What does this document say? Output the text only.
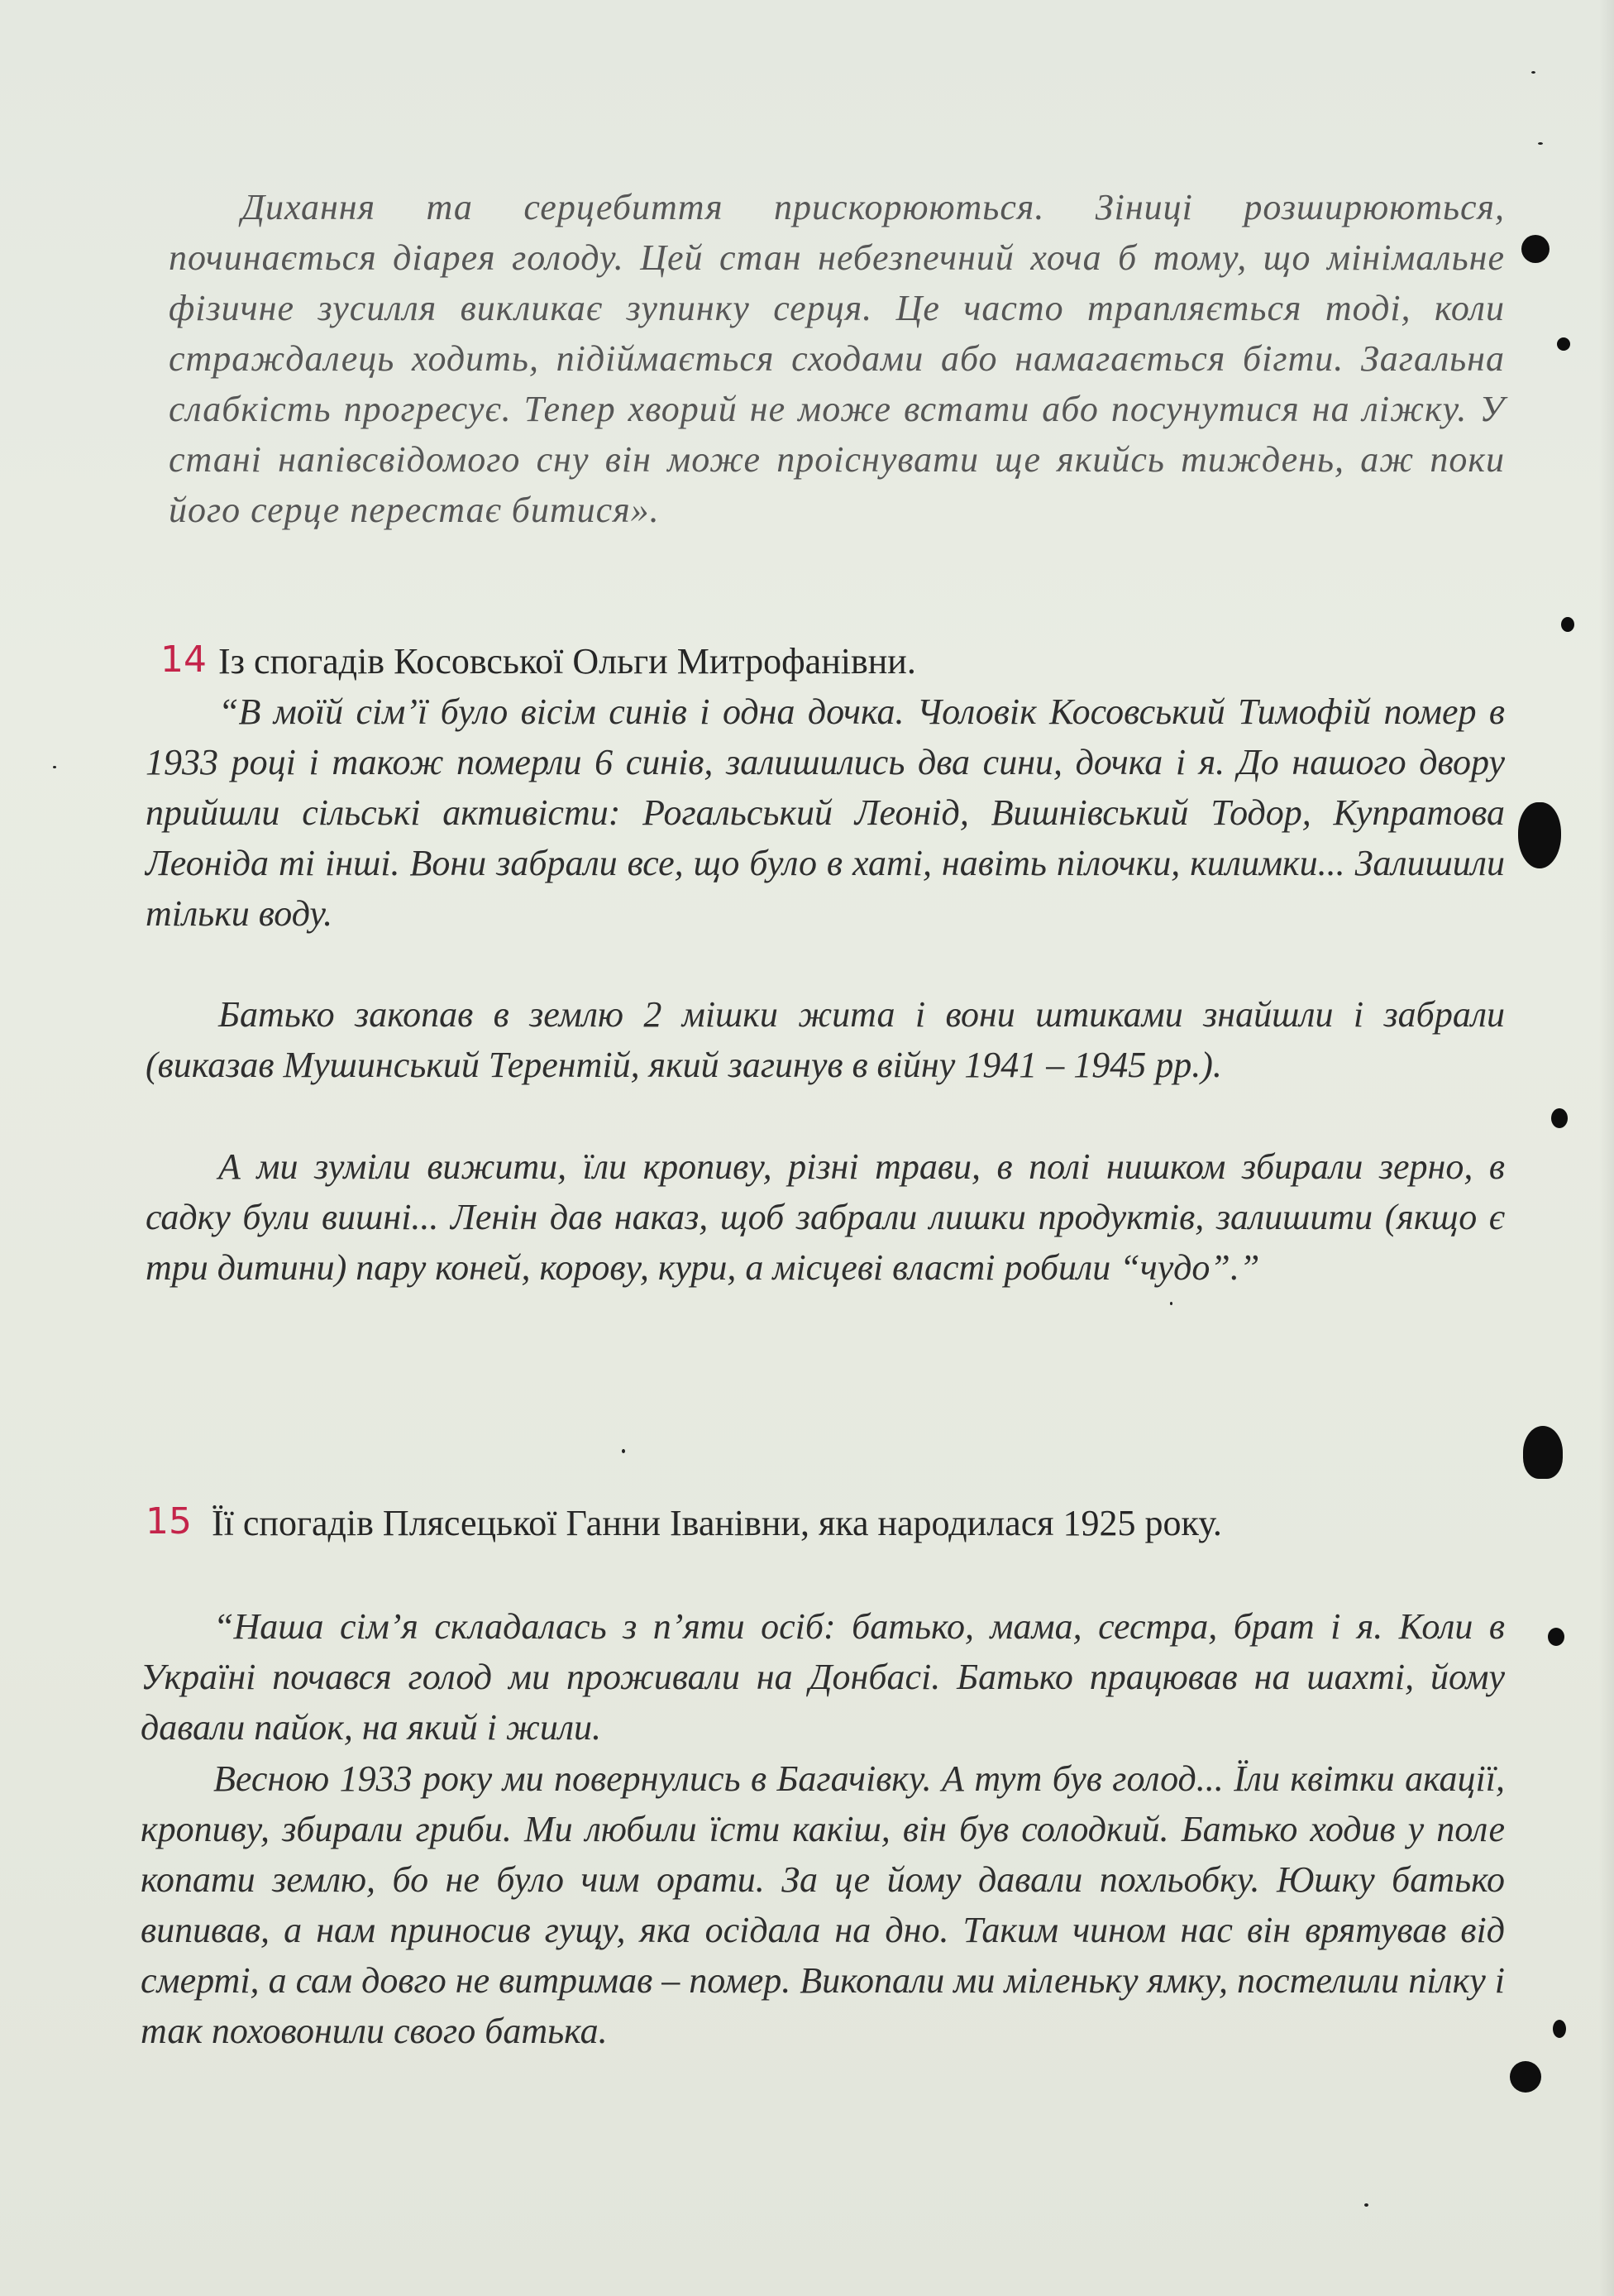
Дихання та серцебиття прискорюються. Зіниці розширюються, починається діарея голоду. Цей стан небезпечний хоча б тому, що мінімальне фізичне зусилля викликає зупинку серця. Це часто трапляється тоді, коли страждалець ходить, підіймається сходами або намагається бігти. Загальна слабкість прогресує. Тепер хворий не може встати або посунутися на ліжку. У стані напівсвідомого сну він може проіснувати ще якийсь тиждень, аж поки його серце перестає битися».

14 Із спогадів Косовської Ольги Митрофанівни.

“В моїй сім’ї було вісім синів і одна дочка. Чоловік Косовський Тимофій помер в 1933 році і також померли 6 синів, залишились два сини, дочка і я. До нашого двору прийшли сільські активісти: Рогальський Леонід, Вишнівський Тодор, Купратова Леоніда ті інші. Вони забрали все, що було в хаті, навіть пілочки, килимки... Залишили тільки воду.

Батько закопав в землю 2 мішки жита і вони штиками знайшли і забрали (виказав Мушинський Терентій, який загинув в війну 1941 – 1945 рр.).

А ми зуміли вижити, їли кропиву, різні трави, в полі нишком збирали зерно, в садку були вишні... Ленін дав наказ, щоб забрали лишки продуктів, залишити (якщо є три дитини) пару коней, корову, кури, а місцеві власті робили “чудо”.”

15 Її спогадів Плясецької Ганни Іванівни, яка народилася 1925 року.

“Наша сім’я складалась з п’яти осіб: батько, мама, сестра, брат і я. Коли в Україні почався голод ми проживали на Донбасі. Батько працював на шахті, йому давали пайок, на який і жили.

Весною 1933 року ми повернулись в Багачівку. А тут був голод... Їли квітки акації, кропиву, збирали гриби. Ми любили їсти какіш, він був солодкий. Батько ходив у поле копати землю, бо не було чим орати. За це йому давали похльобку. Юшку батько випивав, а нам приносив гущу, яка осідала на дно. Таким чином нас він врятував від смерті, а сам довго не витримав – помер. Викопали ми міленьку ямку, постелили пілку і так поховонили свого батька.
